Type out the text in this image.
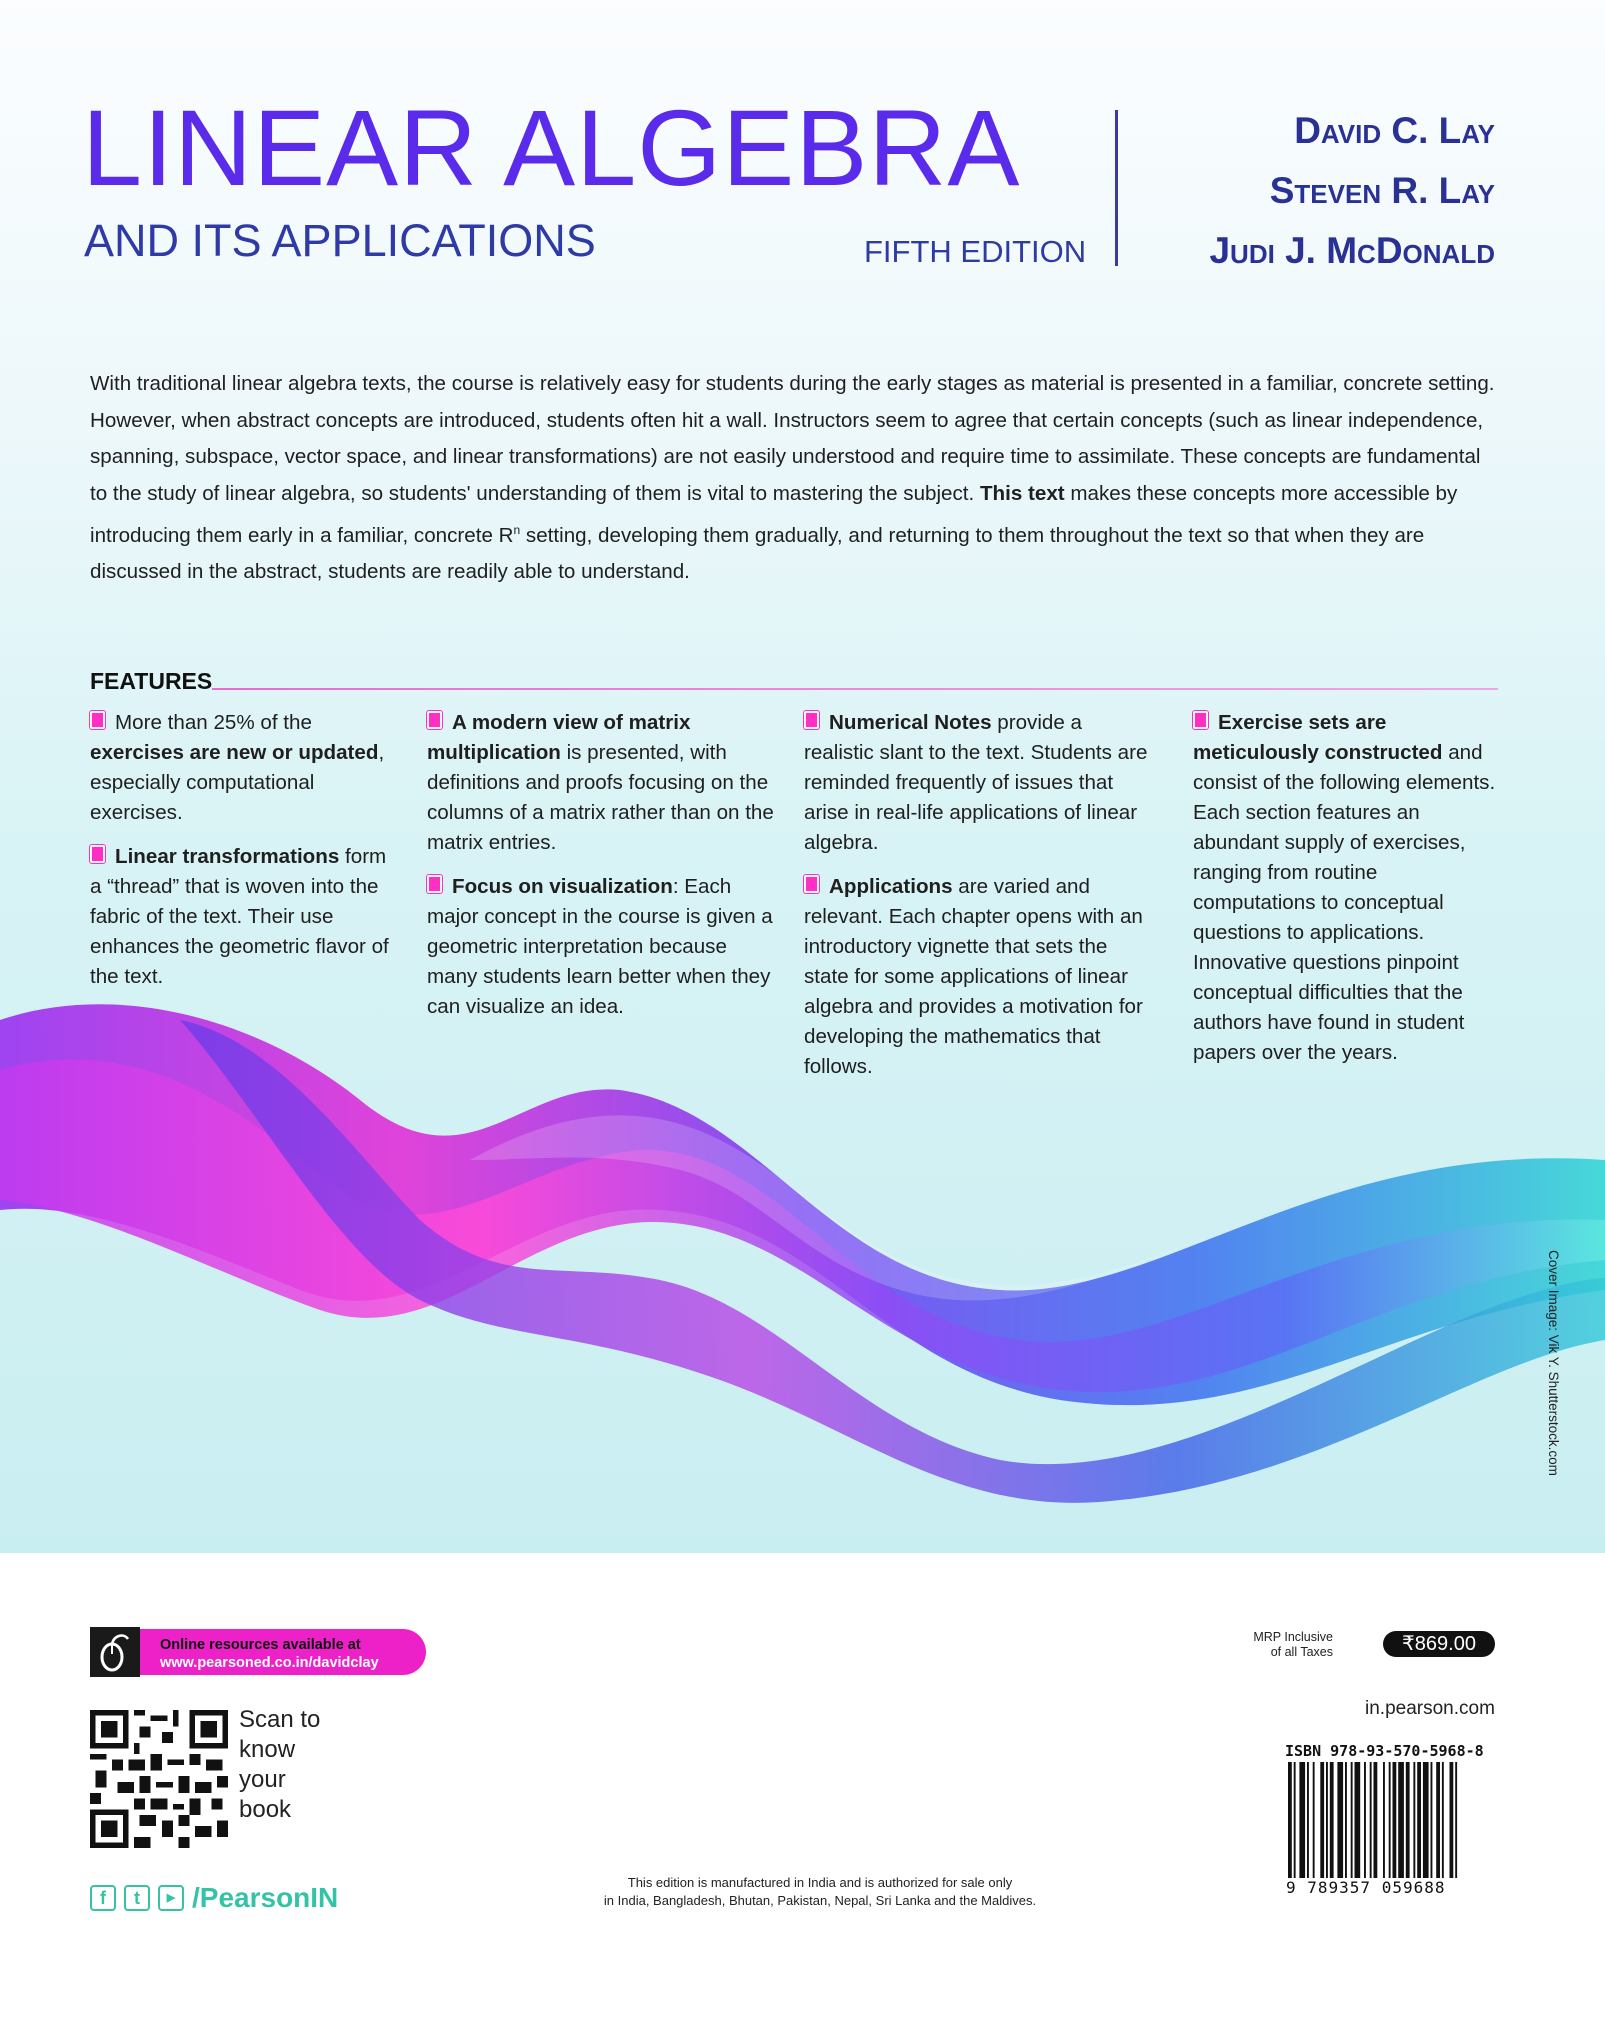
LINEAR ALGEBRA
AND ITS APPLICATIONS	FIFTH EDITION
David C. Lay
Steven R. Lay
Judi J. McDonald
With traditional linear algebra texts, the course is relatively easy for students during the early stages as material is presented in a familiar, concrete setting. However, when abstract concepts are introduced, students often hit a wall. Instructors seem to agree that certain concepts (such as linear independence, spanning, subspace, vector space, and linear transformations) are not easily understood and require time to assimilate. These concepts are fundamental to the study of linear algebra, so students' understanding of them is vital to mastering the subject. This text makes these concepts more accessible by introducing them early in a familiar, concrete $R^n$ setting, developing them gradually, and returning to them throughout the text so that when they are discussed in the abstract, students are readily able to understand.
FEATURES

More than 25% of the exercises are new or updated, especially computational exercises.

Linear transformations form a “thread” that is woven into the fabric of the text. Their use enhances the geometric flavor of the text.

A modern view of matrix multiplication is presented, with definitions and proofs focusing on the columns of a matrix rather than on the matrix entries.

Focus on visualization: Each major concept in the course is given a geometric interpretation because many students learn better when they can visualize an idea.

Numerical Notes provide a realistic slant to the text. Students are reminded frequently of issues that arise in real-life applications of linear algebra.

Applications are varied and relevant. Each chapter opens with an introductory vignette that sets the state for some applications of linear algebra and provides a motivation for developing the mathematics that follows.

Exercise sets are meticulously constructed and consist of the following elements. Each section features an abundant supply of exercises, ranging from routine computations to conceptual questions to applications. Innovative questions pinpoint conceptual difficulties that the authors have found in student papers over the years.

Cover Image: Vik Y. Shutterstock.com
Online resources available at
www.pearsoned.co.in/davidclay
Scan to
know
your
book
f	t	▶ /PearsonIN	This edition is manufactured in India and is authorized for sale only
in India, Bangladesh, Bhutan, Pakistan, Nepal, Sri Lanka and the Maldives.
MRP Inclusive
of all Taxes	₹869.00
in.pearson.com
ISBN 978-93-570-5968-8
9 789357 059688
